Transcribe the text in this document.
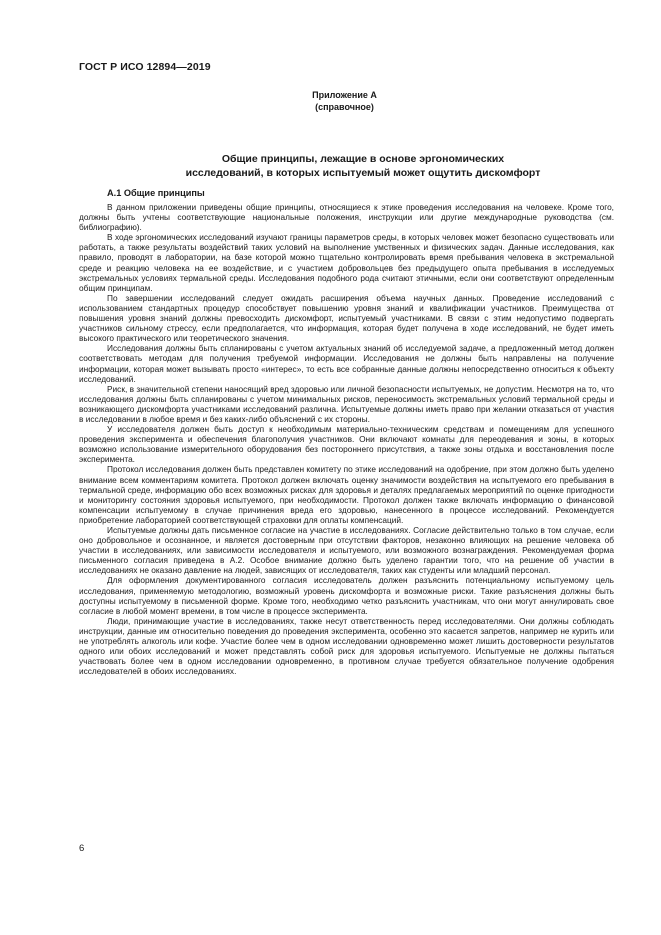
ГОСТ Р ИСО 12894—2019
Приложение А
(справочное)
Общие принципы, лежащие в основе эргономических
исследований, в которых испытуемый может ощутить дискомфорт
А.1 Общие принципы

В данном приложении приведены общие принципы, относящиеся к этике проведения исследования на человеке. Кроме того, должны быть учтены соответствующие национальные положения, инструкции или другие международные руководства (см. библиографию).

В ходе эргономических исследований изучают границы параметров среды, в которых человек может безопасно существовать или работать, а также результаты воздействий таких условий на выполнение умственных и физических задач. Данные исследования, как правило, проводят в лаборатории, на базе которой можно тщательно контролировать время пребывания человека в экстремальной среде и реакцию человека на ее воздействие, и с участием добровольцев без предыдущего опыта пребывания в исследуемых экстремальных условиях термальной среды. Исследования подобного рода считают этичными, если они соответствуют определенным общим принципам.

По завершении исследований следует ожидать расширения объема научных данных. Проведение исследований с использованием стандартных процедур способствует повышению уровня знаний и квалификации участников. Преимущества от повышения уровня знаний должны превосходить дискомфорт, испытуемый участниками. В связи с этим недопустимо подвергать участников сильному стрессу, если предполагается, что информация, которая будет получена в ходе исследований, не будет иметь высокого практического или теоретического значения.

Исследования должны быть спланированы с учетом актуальных знаний об исследуемой задаче, а предложенный метод должен соответствовать методам для получения требуемой информации. Исследования не должны быть направлены на получение информации, которая может вызывать просто «интерес», то есть все собранные данные должны непосредственно относиться к объекту исследований.

Риск, в значительной степени наносящий вред здоровью или личной безопасности испытуемых, не допустим. Несмотря на то, что исследования должны быть спланированы с учетом минимальных рисков, переносимость экстремальных условий термальной среды и возникающего дискомфорта участниками исследований различна. Испытуемые должны иметь право при желании отказаться от участия в исследовании в любое время и без каких-либо объяснений с их стороны.

У исследователя должен быть доступ к необходимым материально-техническим средствам и помещениям для успешного проведения эксперимента и обеспечения благополучия участников. Они включают комнаты для переодевания и зоны, в которых возможно использование измерительного оборудования без постороннего присутствия, а также зоны отдыха и восстановления после эксперимента.

Протокол исследования должен быть представлен комитету по этике исследований на одобрение, при этом должно быть уделено внимание всем комментариям комитета. Протокол должен включать оценку значимости воздействия на испытуемого его пребывания в термальной среде, информацию обо всех возможных рисках для здоровья и деталях предлагаемых мероприятий по оценке пригодности и мониторингу состояния здоровья испытуемого, при необходимости. Протокол должен также включать информацию о финансовой компенсации испытуемому в случае причинения вреда его здоровью, нанесенного в процессе исследований. Рекомендуется приобретение лабораторией соответствующей страховки для оплаты компенсаций.

Испытуемые должны дать письменное согласие на участие в исследованиях. Согласие действительно только в том случае, если оно добровольное и осознанное, и является достоверным при отсутствии факторов, незаконно влияющих на решение человека об участии в исследованиях, или зависимости исследователя и испытуемого, или возможного вознаграждения. Рекомендуемая форма письменного согласия приведена в А.2. Особое внимание должно быть уделено гарантии того, что на решение об участии в исследованиях не оказано давление на людей, зависящих от исследователя, таких как студенты или младший персонал.

Для оформления документированного согласия исследователь должен разъяснить потенциальному испытуемому цель исследования, применяемую методологию, возможный уровень дискомфорта и возможные риски. Такие разъяснения должны быть доступны испытуемому в письменной форме. Кроме того, необходимо четко разъяснить участникам, что они могут аннулировать свое согласие в любой момент времени, в том числе в процессе эксперимента.

Люди, принимающие участие в исследованиях, также несут ответственность перед исследователями. Они должны соблюдать инструкции, данные им относительно поведения до проведения эксперимента, особенно это касается запретов, например не курить или не употреблять алкоголь или кофе. Участие более чем в одном исследовании одновременно может лишить достоверности результатов одного или обоих исследований и может представлять собой риск для здоровья испытуемого. Испытуемые не должны пытаться участвовать более чем в одном исследовании одновременно, в противном случае требуется обязательное получение одобрения исследователей в обоих исследованиях.

6
